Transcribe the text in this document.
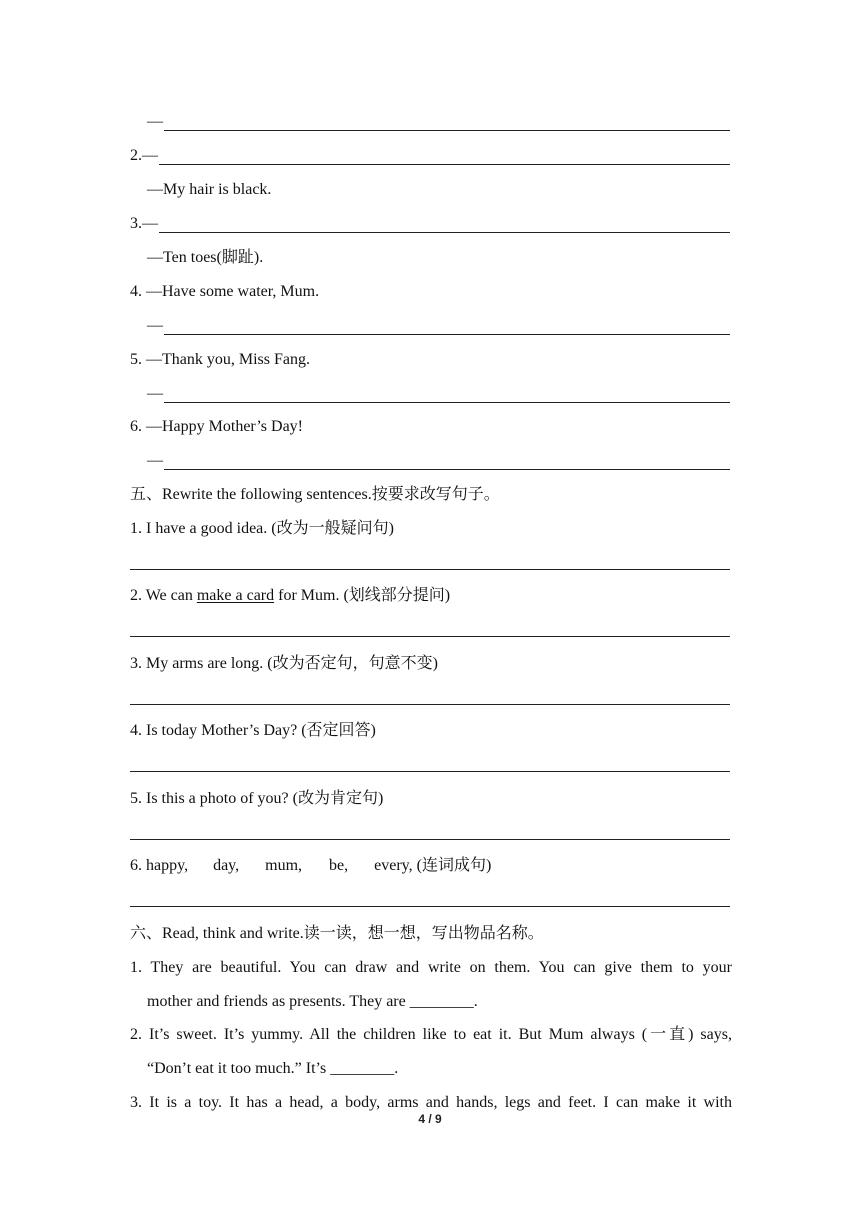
—
2. —
—My hair is black.
3. —
—Ten toes(脚趾).
4. —Have some water, Mum.
—
5. —Thank you, Miss Fang.
—
6. —Happy Mother’s Day!
—
五、Rewrite the following sentences.按要求改写句子。
1. I have a good idea. (改为一般疑问句)
2. We can make a card for Mum. (划线部分提问)
3. My arms are long. (改为否定句，句意不变)
4. Is today Mother’s Day? (否定回答)
5. Is this a photo of you? (改为肯定句)
6. happy, day, mum, be, every, (连词成句)
六、Read, think and write.读一读，想一想，写出物品名称。
1. They are beautiful. You can draw and write on them. You can give them to your
mother and friends as presents. They are ________.
2. It’s sweet. It’s yummy. All the children like to eat it. But Mum always (一直) says,
“Don’t eat it too much.” It’s ________.
3. It is a toy. It has a head, a body, arms and hands, legs and feet. I can make it with
4 / 9
